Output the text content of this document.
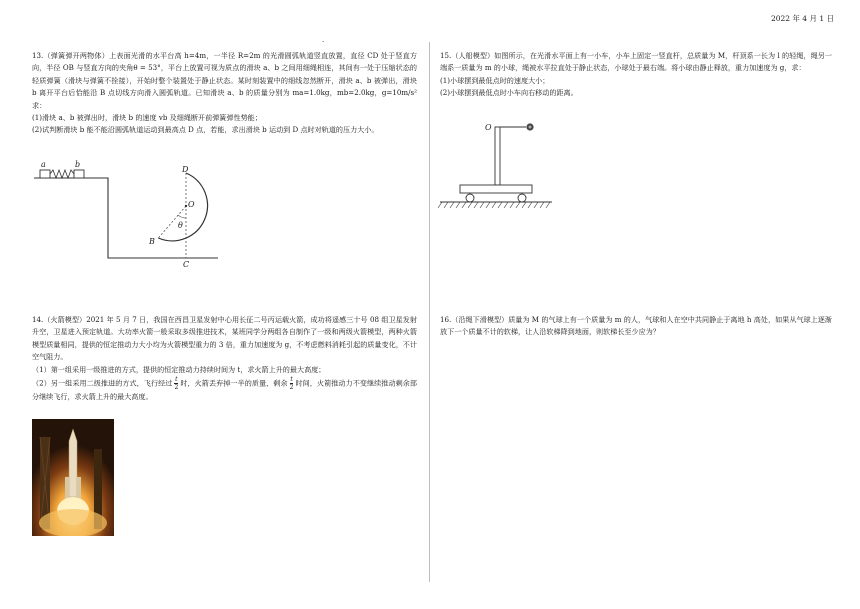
2022 年 4 月 1 日
.

13.（弹簧弹开两物体）上表面光滑的水平台高 h=4m，一半径 R=2m 的光滑圆弧轨道竖直放置，直径 CD 处于竖直方向，半径 OB 与竖直方向的夹角θ = 53°，平台上放置可视为质点的滑块 a、b 之间用细绳相连，其间有一处于压缩状态的轻质弹簧（滑块与弹簧不拴接），开始时整个装置处于静止状态。某时刻装置中的细线忽然断开，滑块 a、b 被弹出，滑块 b 离开平台后恰能沿 B 点切线方向滑入圆弧轨道。已知滑块 a、b 的质量分别为 ma=1.0kg，mb=2.0kg，g=10m/s² 求：

(1)滑块 a、b 被弹出时，滑块 b 的速度 vb 及细绳断开前弹簧弹性势能；

(2)试判断滑块 b 能不能沿圆弧轨道运动到最高点 D 点，若能，求出滑块 b 运动到 D 点时对轨道的压力大小。

a	b
D
O
θ
B
C

14.（火箭模型）2021 年 5 月 7 日，我国在西昌卫星发射中心用长征二号丙运载火箭，成功将遥感三十号 08 组卫星发射升空，卫星进入预定轨道。大功率火箭一般采取多级推进技术，某班同学分两组各自制作了一级和两级火箭模型，两种火箭模型质量相同，提供的恒定推动力大小均为火箭模型重力的 3 倍，重力加速度为 g，不考虑燃料消耗引起的质量变化，不计空气阻力。

（1）第一组采用一级推进的方式，提供的恒定推动力持续时间为 t，求火箭上升的最大高度；

（2）另一组采用二级推进的方式，飞行经过 $\frac{t}{2}$ 时，火箭丢弃掉一半的质量，剩余 $\frac{t}{2}$ 时间，火箭推动力不变继续推动剩余部分继续飞行，求火箭上升的最大高度。

15.（人船模型）如图所示，在光滑水平面上有一小车，小车上固定一竖直杆，总质量为 M，杆顶系一长为 l 的轻绳，绳另一端系一质量为 m 的小球，绳被水平拉直处于静止状态，小球处于最右端。将小球由静止释放，重力加速度为 g，求：

(1)小球摆到最低点时的速度大小；

(2)小球摆到最低点时小车向右移动的距离。

O

16.（沿绳下滑模型）质量为 M 的气球上有一个质量为 m 的人，气球和人在空中共同静止于离地 h 高处，如果从气球上逐渐放下一个质量不计的软梯，让人沿软梯降到地面，则软梯长至少应为？
